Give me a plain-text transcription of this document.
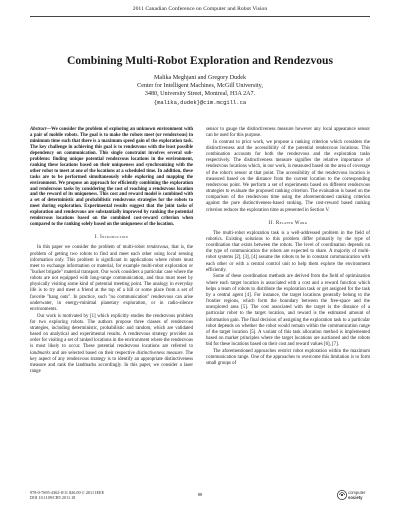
2011 Canadian Conference on Computer and Robot Vision
Combining Multi-Robot Exploration and Rendezvous
Malika Meghjani and Gregory Dudek
Center for Intelligent Machines, McGill University,
3480, University Street, Montreal, H3A 2A7.
{malika,dudek}@cim.mcgill.ca

Abstract—We consider the problem of exploring an unknown environment with a pair of mobile robots. The goal is to make the robots meet (or rendezvous) in minimum time such that there is a maximum speed gain of the exploration task. The key challenge in achieving this goal is to rendezvous with the least possible dependency on communication. This single constraint involves several sub-problems: finding unique potential rendezvous locations in the environment, ranking these locations based on their uniqueness and synchronizing with the other robot to meet at one of the locations at a scheduled time. In addition, these tasks are to be performed simultaneously while exploring and mapping the environment. We propose an approach for efficiently combining the exploration and rendezvous tasks by considering the cost of reaching a rendezvous location and the reward of its uniqueness. This cost and reward model is combined with a set of deterministic and probabilistic rendezvous strategies for the robots to meet during exploration. Experimental results suggest that the joint tasks of exploration and rendezvous are substantially improved by ranking the potential rendezvous locations based on the combined cost-reward criterion when compared to the ranking solely based on the uniqueness of the location.

I. Introduction

In this paper we consider the problem of multi-robot rendezvous, that is, the problem of getting two robots to find and meet each other using local sensing information only. This problem is significant in applications where robots must meet to exchange information or material, for example multi-robot exploration or "bucket brigade" material transport. Our work considers a particular case where the robots are not equipped with long-range communication, and thus must meet by physically visiting some kind of potential meeting point. The analogy in everyday life is to try and meet a friend at the top of a hill or some place from a set of favorite "hang outs". In practice, such "no communication" rendezvous can arise underwater, in energy-minimal planetary exploration, or in radio-silence environments.

Our work is motivated by [1] which explicitly studies the rendezvous problem for two exploring robots. The authors propose three classes of rendezvous strategies, including deterministic, probabilistic and random, which are validated based on analytical and experimental results. A rendezvous strategy provides an order for visiting a set of ranked locations in the environment where the rendezvous is most likely to occur. These potential rendezvous locations are referred to landmarks and are selected based on their respective distinctiveness measure. The key aspect of any rendezvous strategy is to identify an appropriate distinctiveness measure and rank the landmarks accordingly. In this paper, we consider a laser range

sensor to gauge the distinctiveness measure however any local appearance sensor can be used for this purpose.

In contrast to prior work, we propose a ranking criterion which considers the distinctiveness and the accessibility of the potential rendezvous locations. This combination accounts for both the rendezvous and the exploration tasks respectively. The distinctiveness measure signifies the relative importance of rendezvous locations which, in our work, is measured based on the area of coverage of the robot's sensor at that point. The accessibility of the rendezvous location is measured based on the distance from the current location to the corresponding rendezvous point. We perform a set of experiments based on different rendezvous strategies to evaluate the proposed ranking criterion. The evaluation is based on the comparison of the rendezvous time using the aforementioned ranking criterion against the pure distinctiveness-based ranking. The cost-reward based ranking criterion reduces the exploration time as presented in Section V.

II. Related Work

The multi-robot exploration task is a well-addressed problem in the field of robotics. Existing solutions to this problem differ primarily by the type of coordination that exists between the robots. The level of coordination depends on the type of communication the robots are expected to share. A majority of multi-robot systems [2], [3], [4] assume the robots to be in constant communication with each other or with a central control unit to help them explore the environment efficiently.

Some of these coordination methods are derived from the field of optimization where each target location is associated with a cost and a reward function which helps a team of robots to distribute the exploration task or get assigned for the task by a central agent [4]. For instance, the target locations generally belong to the frontier regions, which form the boundary between the free-space and the unexplored area [5]. The cost associated with the target is the distance of a particular robot to the target location, and reward is the estimated amount of information gain. The final decision of assigning the exploration task to a particular robot depends on whether the robot would remain within the communication range of the target location [5]. A variant of this task allocation method is implemented based on market principles where the target locations are auctioned and the robots bid for these locations based on their cost and reward values [6], [7].

The aforementioned approaches restrict robot exploration within the maximum communication range. One of the approaches to overcome this limitation is to form small groups of

978-0-7695-4362-8/11 $26.00 © 2011 IEEE
DOI 10.1109/CRV.2011.18
88	computer
society
